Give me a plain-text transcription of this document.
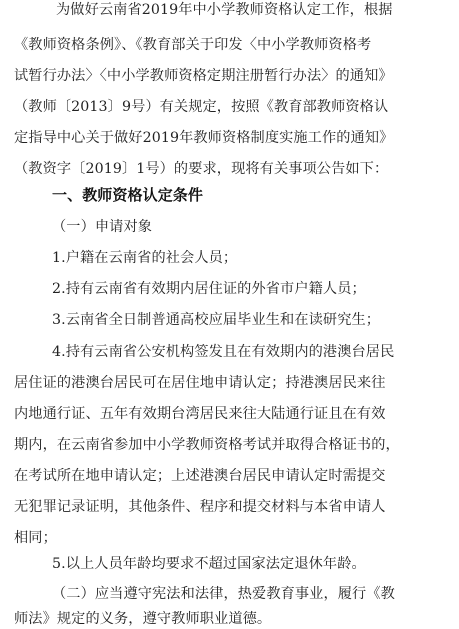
为做好云南省2019年中小学教师资格认定工作，根据
《教师资格条例》、《教育部关于印发〈中小学教师资格考
试暂行办法〉〈中小学教师资格定期注册暂行办法〉的通知》
（教师〔2013〕9号）有关规定，按照《教育部教师资格认
定指导中心关于做好2019年教师资格制度实施工作的通知》
（教资字〔2019〕1号）的要求，现将有关事项公告如下：
一、教师资格认定条件
（一）申请对象
1.户籍在云南省的社会人员；
2.持有云南省有效期内居住证的外省市户籍人员；
3.云南省全日制普通高校应届毕业生和在读研究生；
4.持有云南省公安机构签发且在有效期内的港澳台居民
居住证的港澳台居民可在居住地申请认定；持港澳居民来往
内地通行证、五年有效期台湾居民来往大陆通行证且在有效
期内，在云南省参加中小学教师资格考试并取得合格证书的，
在考试所在地申请认定；上述港澳台居民申请认定时需提交
无犯罪记录证明，其他条件、程序和提交材料与本省申请人
相同；
5.以上人员年龄均要求不超过国家法定退休年龄。
（二）应当遵守宪法和法律，热爱教育事业，履行《教
师法》规定的义务，遵守教师职业道德。
